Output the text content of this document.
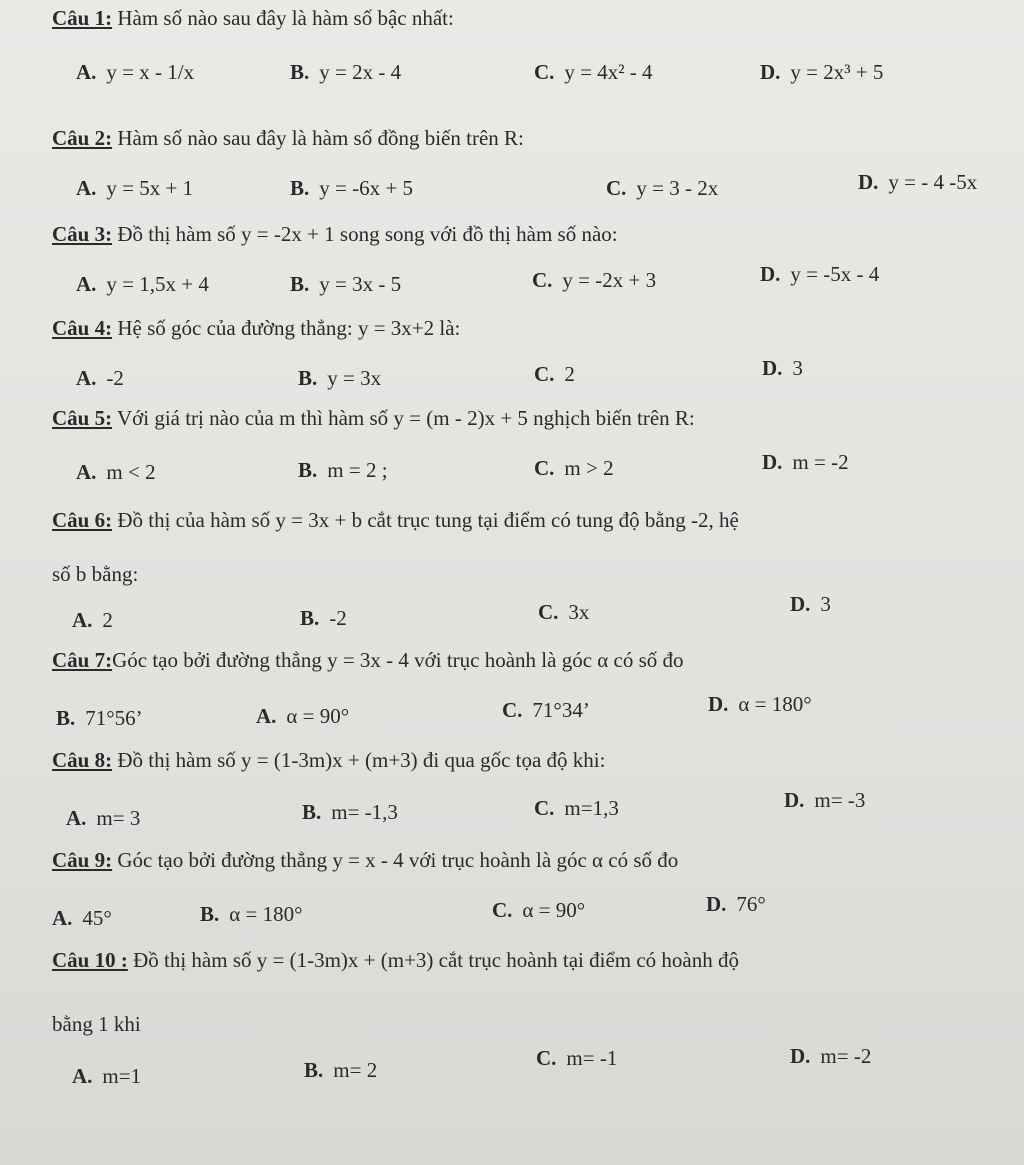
Câu 1: Hàm số nào sau đây là hàm số bậc nhất:
A. y = x - 1/x	B. y = 2x - 4	C. y = 4x² - 4	D. y = 2x³ + 5
Câu 2: Hàm số nào sau đây là hàm số đồng biến trên R:
A. y = 5x + 1	B. y = -6x + 5	C. y = 3 - 2x	D. y = - 4 -5x
Câu 3: Đồ thị hàm số y = -2x + 1 song song với đồ thị hàm số nào:
A. y = 1,5x + 4	B. y = 3x - 5	C. y = -2x + 3	D. y = -5x - 4
Câu 4: Hệ số góc của đường thẳng: y = 3x+2 là:
A. -2	B. y = 3x	C. 2	D. 3
Câu 5: Với giá trị nào của m thì hàm số y = (m - 2)x + 5 nghịch biến trên R:
A. m < 2	B. m = 2 ;	C. m > 2	D. m = -2
Câu 6: Đồ thị của hàm số y = 3x + b cắt trục tung tại điểm có tung độ bằng -2, hệ
số b bằng:
A. 2	B. -2	C. 3x	D. 3
Câu 7:Góc tạo bởi đường thẳng y = 3x - 4 với trục hoành là góc α có số đo
B. 71°56’	A. α = 90°	C. 71°34’	D. α = 180°
Câu 8: Đồ thị hàm số y = (1-3m)x + (m+3) đi qua gốc tọa độ khi:
A. m= 3	B. m= -1,3	C. m=1,3	D. m= -3
Câu 9: Góc tạo bởi đường thẳng y = x - 4 với trục hoành là góc α có số đo
A. 45°	B. α = 180°	C. α = 90°	D. 76°
Câu 10 : Đồ thị hàm số y = (1-3m)x + (m+3) cắt trục hoành tại điểm có hoành độ
bằng 1 khi
A. m=1	B. m= 2	C. m= -1	D. m= -2
